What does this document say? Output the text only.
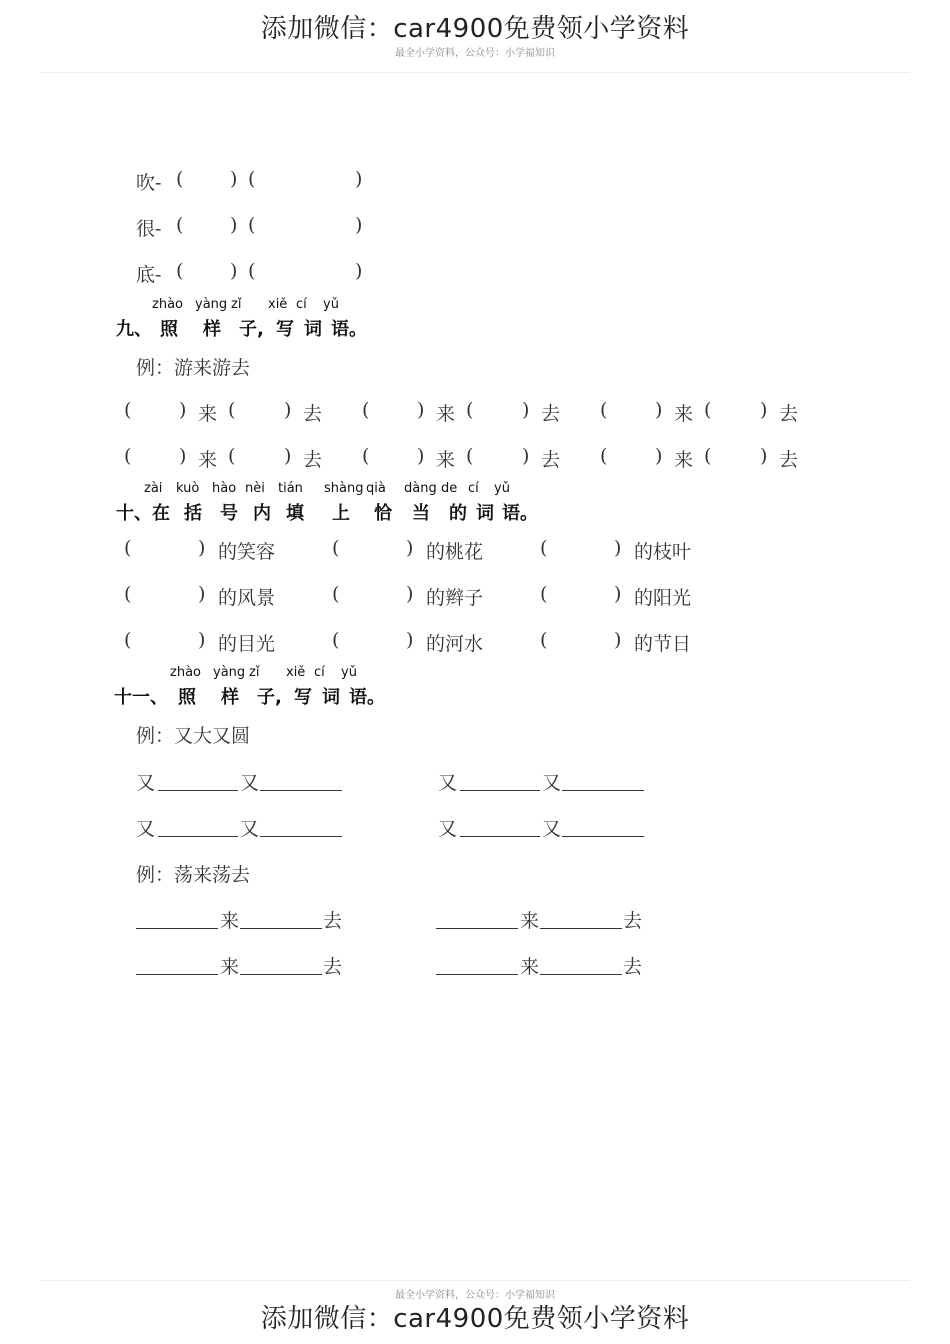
添加微信：car4900免费领小学资料
最全小学资料，公众号：小学福知识
吹- ( ) (	)
很- ( ) (	)
底- ( ) (	)
九、
zhào
照
yàng
样
zǐ
子,
xiě
写
cí
词
yǔ
语。
例：游来游去
(	) 来 (	) 去 (	) 来 (	) 去 (	) 来 (	) 去
(	) 来 (	) 去 (	) 来 (	) 去 (	) 来 (	) 去
十、
zài
在
kuò
括
hào
号
nèi
内
tián
填
shàng
上
qià
恰
dàng
当
de
的
cí
词
yǔ
语。
(	) 的笑容	(	) 的桃花	(	) 的枝叶
(	) 的风景	(	) 的辫子	(	) 的阳光
(	) 的目光	(	) 的河水	(	) 的节日
十一、
zhào
照
yàng
样
zǐ
子,
xiě
写
cí
词
yǔ
语。
例：又大又圆
又	又	又	又
又	又	又	又
例：荡来荡去
来	去	来	去
来	去	来	去
最全小学资料，公众号：小学福知识
添加微信：car4900免费领小学资料
